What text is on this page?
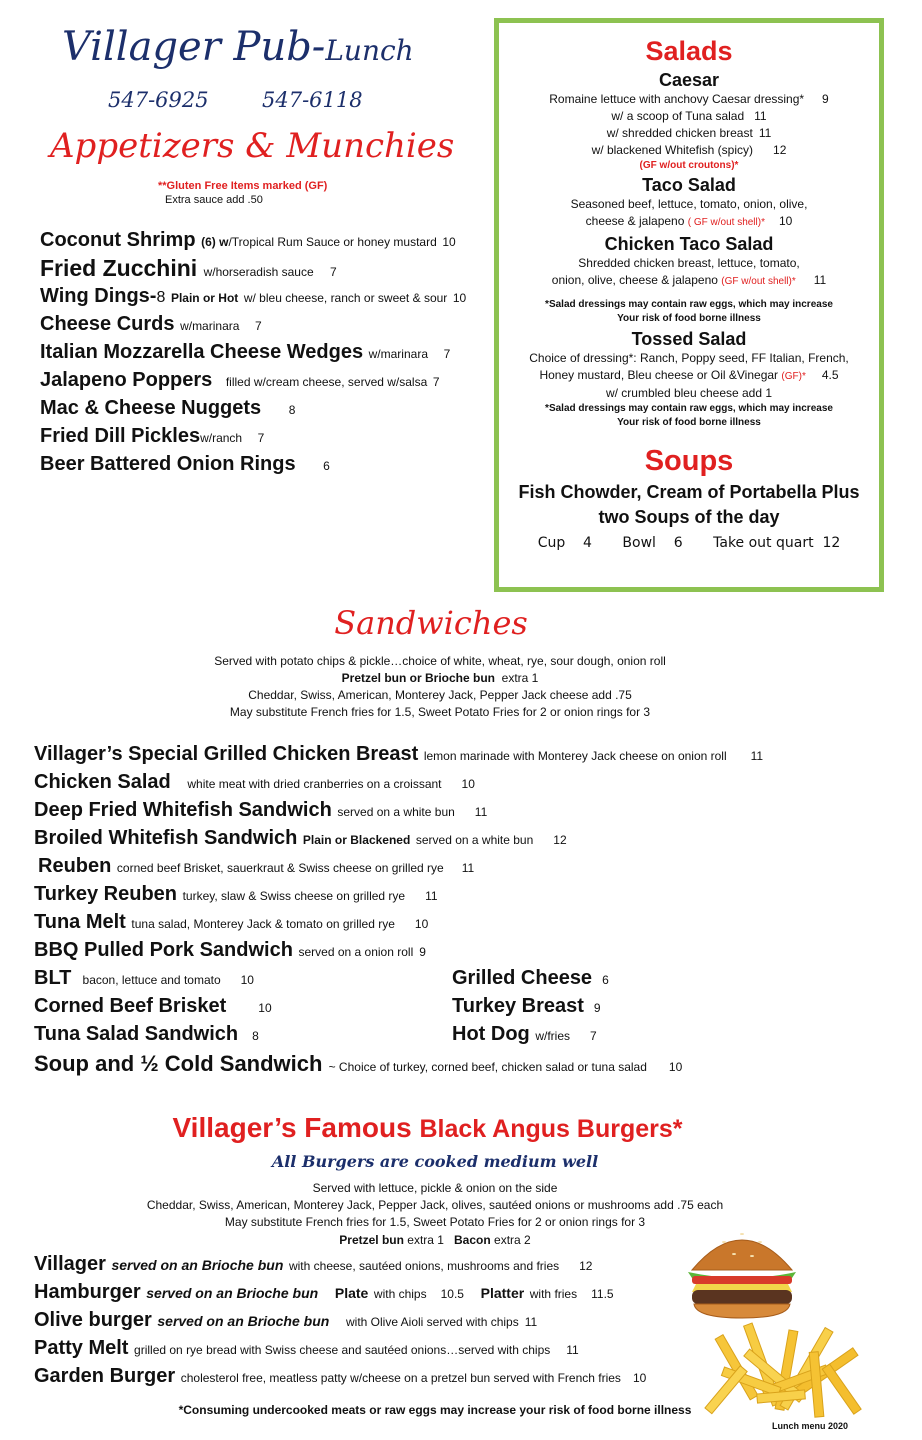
Villager Pub-Lunch
547-6925     547-6118
Appetizers & Munchies
**Gluten Free Items marked (GF)
Extra sauce add .50
Coconut Shrimp (6) w/Tropical Rum Sauce or honey mustard 10
Fried Zucchini w/horseradish sauce 7
Wing Dings-8 Plain or Hot w/ bleu cheese, ranch or sweet & sour 10
Cheese Curds w/marinara 7
Italian Mozzarella Cheese Wedges w/marinara 7
Jalapeno Poppers filled w/cream cheese, served w/salsa 7
Mac & Cheese Nuggets 8
Fried Dill Picklesw/ranch 7
Beer Battered Onion Rings 6
Salads
Caesar
Romaine lettuce with anchovy Caesar dressing* 9
w/ a scoop of Tuna salad 11
w/ shredded chicken breast 11
w/ blackened Whitefish (spicy) 12
(GF w/out croutons)*
Taco Salad
Seasoned beef, lettuce, tomato, onion, olive,
cheese & jalapeno ( GF w/out shell)* 10
Chicken Taco Salad
Shredded chicken breast, lettuce, tomato,
onion, olive, cheese & jalapeno (GF w/out shell)* 11
*Salad dressings may contain raw eggs, which may increase
Your risk of food borne illness
Tossed Salad
Choice of dressing*: Ranch, Poppy seed, FF Italian, French,
Honey mustard, Bleu cheese or Oil &Vinegar (GF)* 4.5
w/ crumbled bleu cheese add 1
*Salad dressings may contain raw eggs, which may increase
Your risk of food borne illness
Soups
Fish Chowder, Cream of Portabella Plus
two Soups of the day
Cup 4 Bowl 6 Take out quart 12
Sandwiches
Served with potato chips & pickle…choice of white, wheat, rye, sour dough, onion roll
Pretzel bun or Brioche bun extra 1
Cheddar, Swiss, American, Monterey Jack, Pepper Jack cheese add .75
May substitute French fries for 1.5, Sweet Potato Fries for 2 or onion rings for 3
Villager’s Special Grilled Chicken Breast lemon marinade with Monterey Jack cheese on onion roll 11
Chicken Salad white meat with dried cranberries on a croissant 10
Deep Fried Whitefish Sandwich served on a white bun 11
Broiled Whitefish Sandwich Plain or Blackened served on a white bun 12
Reuben corned beef Brisket, sauerkraut & Swiss cheese on grilled rye 11
Turkey Reuben turkey, slaw & Swiss cheese on grilled rye 11
Tuna Melt tuna salad, Monterey Jack & tomato on grilled rye 10
BBQ Pulled Pork Sandwich served on a onion roll 9
BLT bacon, lettuce and tomato 10
Corned Beef Brisket	10
Tuna Salad Sandwich 8
Grilled Cheese 6
Turkey Breast 9
Hot Dog w/fries 7
Soup and ½ Cold Sandwich ~ Choice of turkey, corned beef, chicken salad or tuna salad 10
Villager’s Famous Black Angus Burgers*
All Burgers are cooked medium well
Served with lettuce, pickle & onion on the side
Cheddar, Swiss, American, Monterey Jack, Pepper Jack, olives, sautéed onions or mushrooms add .75 each
May substitute French fries for 1.5, Sweet Potato Fries for 2 or onion rings for 3
Pretzel bun extra 1 Bacon extra 2
Villager served on an Brioche bun with cheese, sautéed onions, mushrooms and fries 12
Hamburger served on an Brioche bun Plate with chips 10.5 Platter with fries 11.5
Olive burger served on an Brioche bun with Olive Aioli served with chips 11
Patty Melt grilled on rye bread with Swiss cheese and sautéed onions…served with chips 11
Garden Burger cholesterol free, meatless patty w/cheese on a pretzel bun served with French fries 10
*Consuming undercooked meats or raw eggs may increase your risk of food borne illness
Lunch menu 2020
